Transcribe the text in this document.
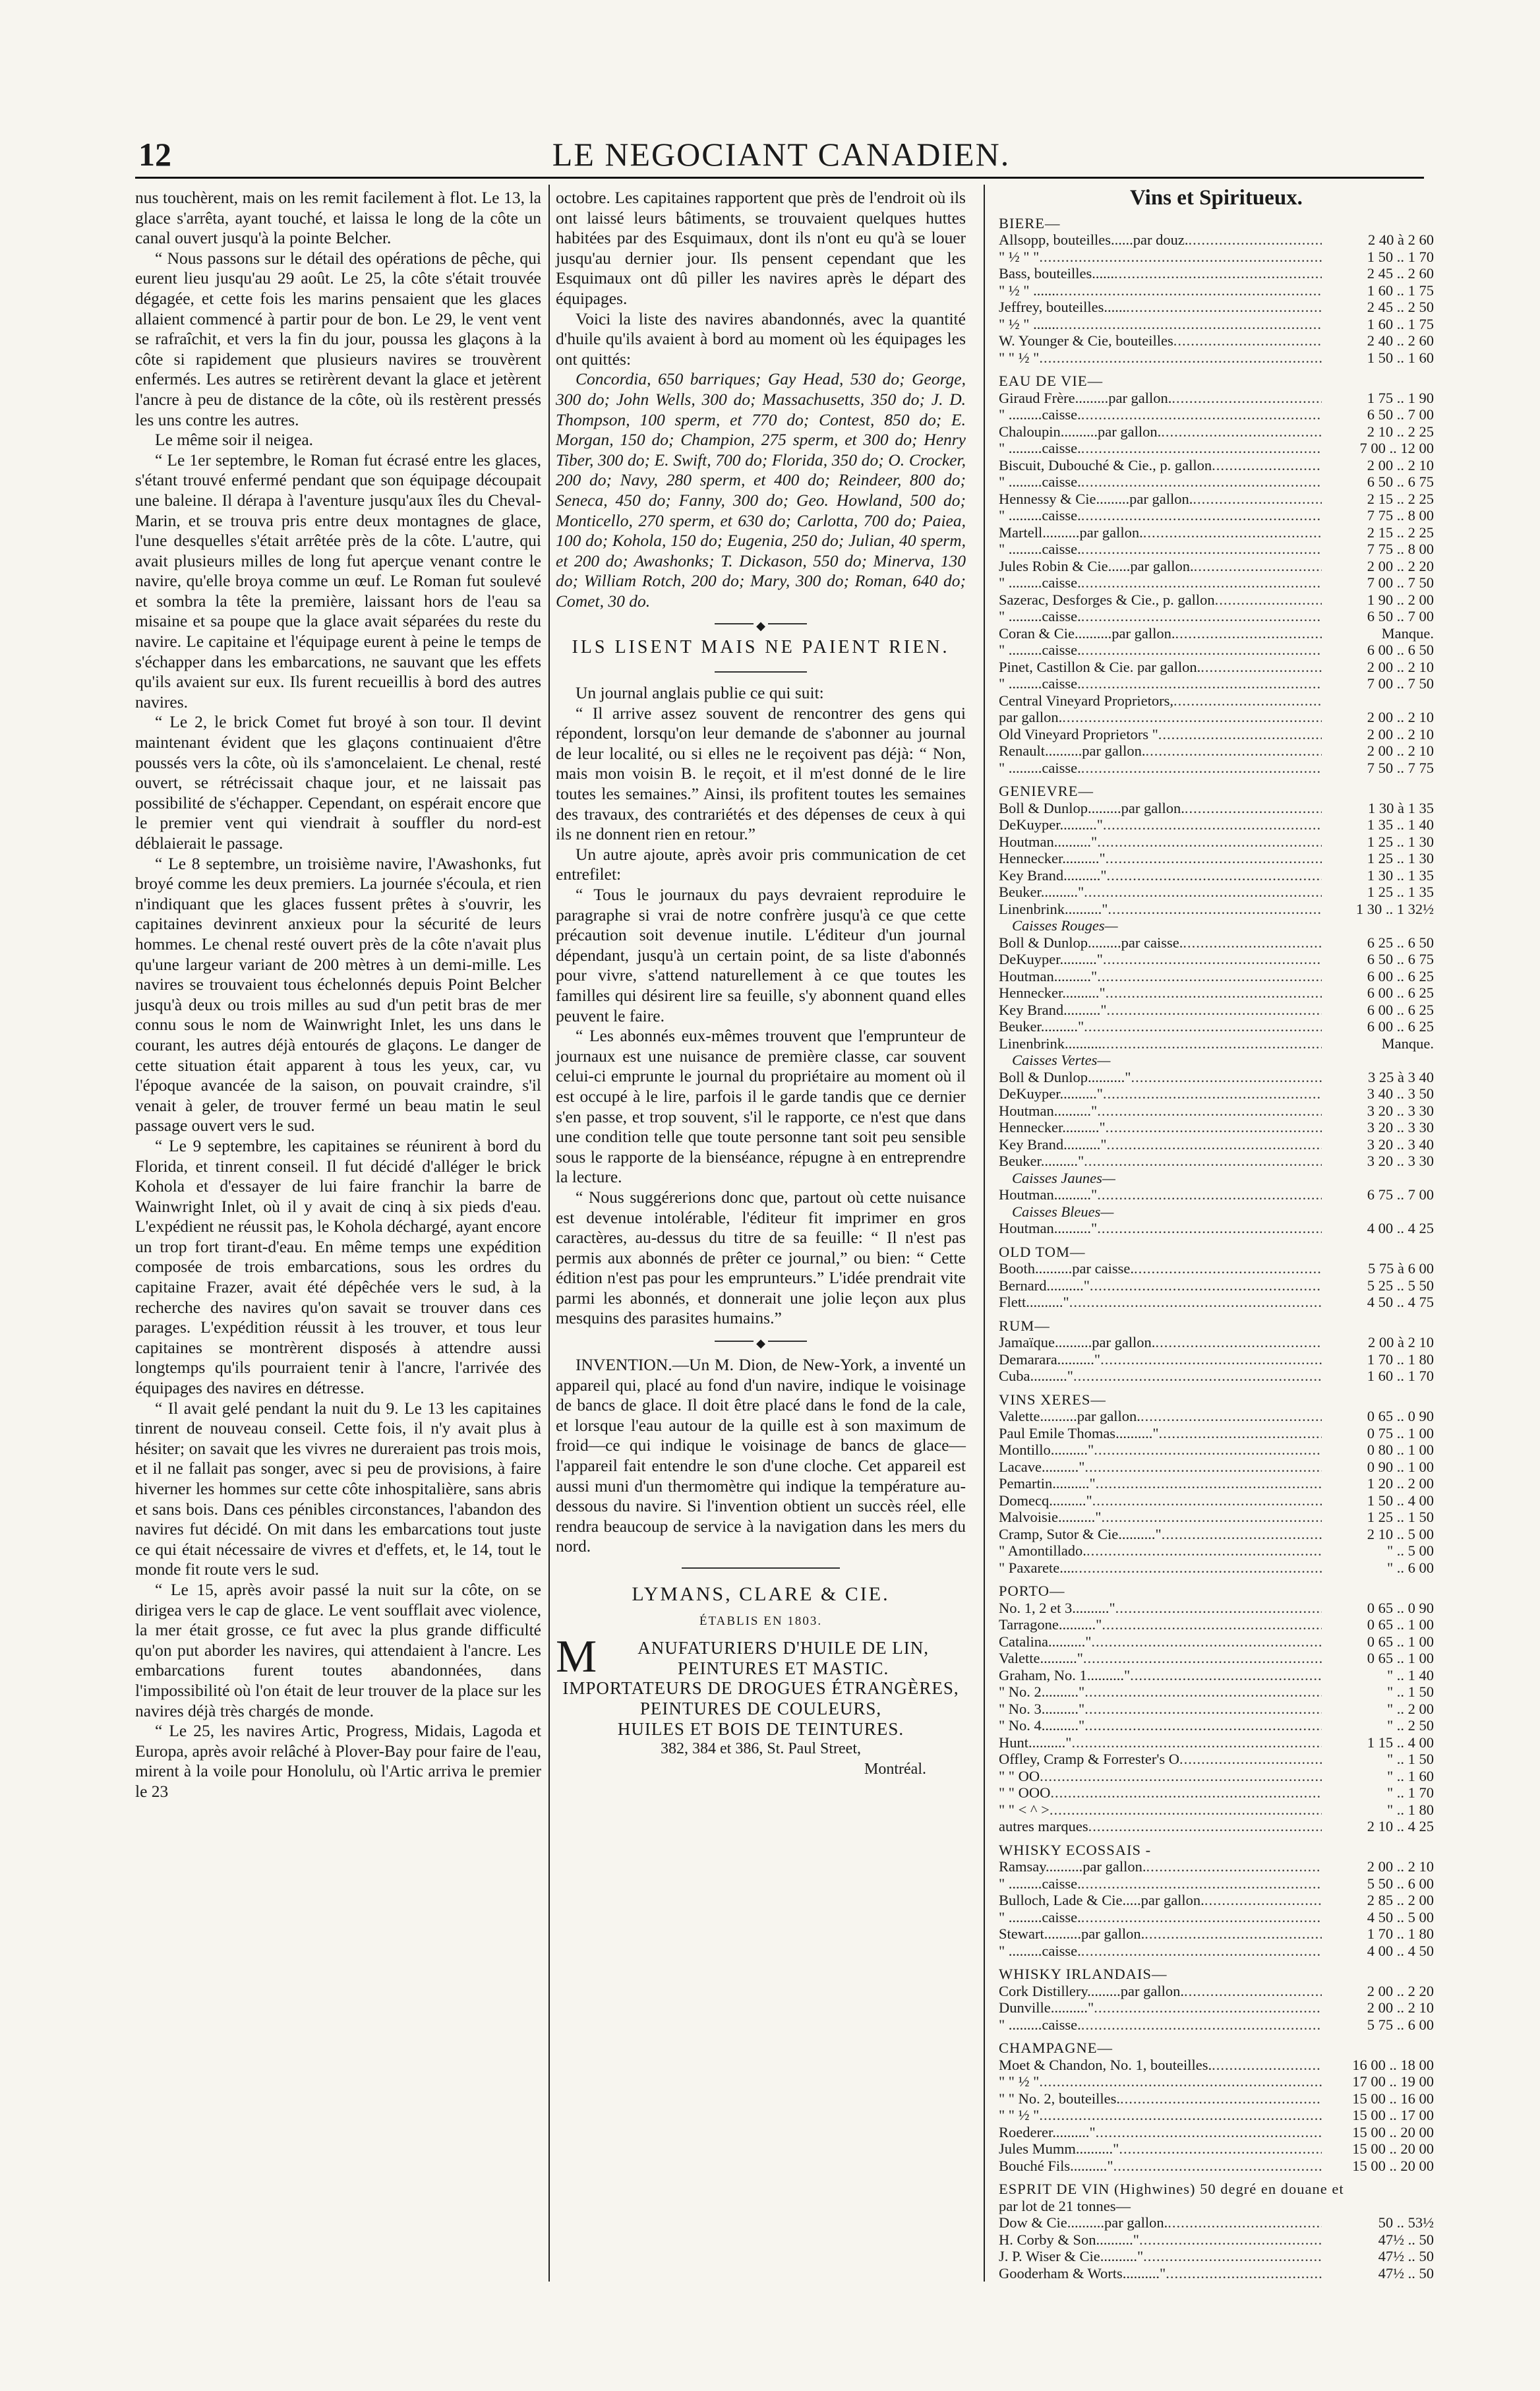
12	LE NEGOCIANT CANADIEN.

nus touchèrent, mais on les remit facilement à flot. Le 13, la glace s'arrêta, ayant touché, et laissa le long de la côte un canal ouvert jusqu'à la pointe Belcher.

“ Nous passons sur le détail des opérations de pêche, qui eurent lieu jusqu'au 29 août. Le 25, la côte s'était trouvée dégagée, et cette fois les marins pensaient que les glaces allaient commencé à partir pour de bon. Le 29, le vent vent se rafraîchit, et vers la fin du jour, poussa les glaçons à la côte si rapidement que plusieurs navires se trouvèrent enfermés. Les autres se retirèrent devant la glace et jetèrent l'ancre à peu de distance de la côte, où ils restèrent pressés les uns contre les autres.

Le même soir il neigea.

“ Le 1er septembre, le Roman fut écrasé entre les glaces, s'étant trouvé enfermé pendant que son équipage découpait une baleine. Il dérapa à l'aventure jusqu'aux îles du Cheval-Marin, et se trouva pris entre deux montagnes de glace, l'une desquelles s'était arrêtée près de la côte. L'autre, qui avait plusieurs milles de long fut aperçue venant contre le navire, qu'elle broya comme un œuf. Le Roman fut soulevé et sombra la tête la première, laissant hors de l'eau sa misaine et sa poupe que la glace avait séparées du reste du navire. Le capitaine et l'équipage eurent à peine le temps de s'échapper dans les embarcations, ne sauvant que les effets qu'ils avaient sur eux. Ils furent recueillis à bord des autres navires.

“ Le 2, le brick Comet fut broyé à son tour. Il devint maintenant évident que les glaçons continuaient d'être poussés vers la côte, où ils s'amoncelaient. Le chenal, resté ouvert, se rétrécissait chaque jour, et ne laissait pas possibilité de s'échapper. Cependant, on espérait encore que le premier vent qui viendrait à souffler du nord-est déblaierait le passage.

“ Le 8 septembre, un troisième navire, l'Awashonks, fut broyé comme les deux premiers. La journée s'écoula, et rien n'indiquant que les glaces fussent prêtes à s'ouvrir, les capitaines devinrent anxieux pour la sécurité de leurs hommes. Le chenal resté ouvert près de la côte n'avait plus qu'une largeur variant de 200 mètres à un demi-mille. Les navires se trouvaient tous échelonnés depuis Point Belcher jusqu'à deux ou trois milles au sud d'un petit bras de mer connu sous le nom de Wainwright Inlet, les uns dans le courant, les autres déjà entourés de glaçons. Le danger de cette situation était apparent à tous les yeux, car, vu l'époque avancée de la saison, on pouvait craindre, s'il venait à geler, de trouver fermé un beau matin le seul passage ouvert vers le sud.

“ Le 9 septembre, les capitaines se réunirent à bord du Florida, et tinrent conseil. Il fut décidé d'alléger le brick Kohola et d'essayer de lui faire franchir la barre de Wainwright Inlet, où il y avait de cinq à six pieds d'eau. L'expédient ne réussit pas, le Kohola déchargé, ayant encore un trop fort tirant-d'eau. En même temps une expédition composée de trois embarcations, sous les ordres du capitaine Frazer, avait été dépêchée vers le sud, à la recherche des navires qu'on savait se trouver dans ces parages. L'expédition réussit à les trouver, et tous leur capitaines se montrèrent disposés à attendre aussi longtemps qu'ils pourraient tenir à l'ancre, l'arrivée des équipages des navires en détresse.

“ Il avait gelé pendant la nuit du 9. Le 13 les capitaines tinrent de nouveau conseil. Cette fois, il n'y avait plus à hésiter; on savait que les vivres ne dureraient pas trois mois, et il ne fallait pas songer, avec si peu de provisions, à faire hiverner les hommes sur cette côte inhospitalière, sans abris et sans bois. Dans ces pénibles circonstances, l'abandon des navires fut décidé. On mit dans les embarcations tout juste ce qui était nécessaire de vivres et d'effets, et, le 14, tout le monde fit route vers le sud.

“ Le 15, après avoir passé la nuit sur la côte, on se dirigea vers le cap de glace. Le vent soufflait avec violence, la mer était grosse, ce fut avec la plus grande difficulté qu'on put aborder les navires, qui attendaient à l'ancre. Les embarcations furent toutes abandonnées, dans l'impossibilité où l'on était de leur trouver de la place sur les navires déjà très chargés de monde.

“ Le 25, les navires Artic, Progress, Midais, Lagoda et Europa, après avoir relâché à Plover-Bay pour faire de l'eau, mirent à la voile pour Honolulu, où l'Artic arriva le premier le 23

octobre. Les capitaines rapportent que près de l'endroit où ils ont laissé leurs bâtiments, se trouvaient quelques huttes habitées par des Esquimaux, dont ils n'ont eu qu'à se louer jusqu'au dernier jour. Ils pensent cependant que les Esquimaux ont dû piller les navires après le départ des équipages.

Voici la liste des navires abandonnés, avec la quantité d'huile qu'ils avaient à bord au moment où les équipages les ont quittés:

Concordia, 650 barriques; Gay Head, 530 do; George, 300 do; John Wells, 300 do; Massachusetts, 350 do; J. D. Thompson, 100 sperm, et 770 do; Contest, 850 do; E. Morgan, 150 do; Champion, 275 sperm, et 300 do; Henry Tiber, 300 do; E. Swift, 700 do; Florida, 350 do; O. Crocker, 200 do; Navy, 280 sperm, et 400 do; Reindeer, 800 do; Seneca, 450 do; Fanny, 300 do; Geo. Howland, 500 do; Monticello, 270 sperm, et 630 do; Carlotta, 700 do; Paiea, 100 do; Kohola, 150 do; Eugenia, 250 do; Julian, 40 sperm, et 200 do; Awashonks; T. Dickason, 550 do; Minerva, 130 do; William Rotch, 200 do; Mary, 300 do; Roman, 640 do; Comet, 30 do.

◆
ILS LISENT MAIS NE PAIENT RIEN.

Un journal anglais publie ce qui suit:

“ Il arrive assez souvent de rencontrer des gens qui répondent, lorsqu'on leur demande de s'abonner au journal de leur localité, ou si elles ne le reçoivent pas déjà: “ Non, mais mon voisin B. le reçoit, et il m'est donné de le lire toutes les semaines.” Ainsi, ils profitent toutes les semaines des travaux, des contrariétés et des dépenses de ceux à qui ils ne donnent rien en retour.”

Un autre ajoute, après avoir pris communication de cet entrefilet:

“ Tous le journaux du pays devraient reproduire le paragraphe si vrai de notre confrère jusqu'à ce que cette précaution soit devenue inutile. L'éditeur d'un journal dépendant, jusqu'à un certain point, de sa liste d'abonnés pour vivre, s'attend naturellement à ce que toutes les familles qui désirent lire sa feuille, s'y abonnent quand elles peuvent le faire.

“ Les abonnés eux-mêmes trouvent que l'emprunteur de journaux est une nuisance de première classe, car souvent celui-ci emprunte le journal du propriétaire au moment où il est occupé à le lire, parfois il le garde tandis que ce dernier s'en passe, et trop souvent, s'il le rapporte, ce n'est que dans une condition telle que toute personne tant soit peu sensible sous le rapporte de la bienséance, répugne à en entreprendre la lecture.

“ Nous suggérerions donc que, partout où cette nuisance est devenue intolérable, l'éditeur fit imprimer en gros caractères, au-dessus du titre de sa feuille: “ Il n'est pas permis aux abonnés de prêter ce journal,” ou bien: “ Cette édition n'est pas pour les emprunteurs.” L'idée prendrait vite parmi les abonnés, et donnerait une jolie leçon aux plus mesquins des parasites humains.”

◆

INVENTION.—Un M. Dion, de New-York, a inventé un appareil qui, placé au fond d'un navire, indique le voisinage de bancs de glace. Il doit être placé dans le fond de la cale, et lorsque l'eau autour de la quille est à son maximum de froid—ce qui indique le voisinage de bancs de glace—l'appareil fait entendre le son d'une cloche. Cet appareil est aussi muni d'un thermomètre qui indique la température au-dessous du navire. Si l'invention obtient un succès réel, elle rendra beaucoup de service à la navigation dans les mers du nord.

LYMANS, CLARE & CIE.
ÉTABLIS EN 1803.
M	ANUFATURIERS D'HUILE DE LIN, PEINTURES ET MASTIC.
IMPORTATEURS DE DROGUES ÉTRANGÈRES,
PEINTURES DE COULEURS,
HUILES ET BOIS DE TEINTURES.
382, 384 et 386, St. Paul Street,
Montréal.
Vins et Spiritueux.
BIERE—
Allsopp, bouteilles......par douz. .....	2 40 à 2 60
" ½ " " .....	1 50 .. 1 70
Bass, bouteilles...... .....	2 45 .. 2 60
" ½ " ...... .....	1 60 .. 1 75
Jeffrey, bouteilles...... .....	2 45 .. 2 50
" ½ " ...... .....	1 60 .. 1 75
W. Younger & Cie, bouteilles .....	2 40 .. 2 60
" " ½ " .....	1 50 .. 1 60
EAU DE VIE—
Giraud Frère.........par gallon. .....	1 75 .. 1 90
" .........caisse. .....	6 50 .. 7 00
Chaloupin..........par gallon. .....	2 10 .. 2 25
" .........caisse. .....	7 00 .. 12 00
Biscuit, Dubouché & Cie., p. gallon .....	2 00 .. 2 10
" .........caisse. .....	6 50 .. 6 75
Hennessy & Cie.........par gallon. .....	2 15 .. 2 25
" .........caisse. .....	7 75 .. 8 00
Martell..........par gallon. .....	2 15 .. 2 25
" .........caisse. .....	7 75 .. 8 00
Jules Robin & Cie......par gallon. .....	2 00 .. 2 20
" .........caisse. .....	7 00 .. 7 50
Sazerac, Desforges & Cie., p. gallon .....	1 90 .. 2 00
" .........caisse. .....	6 50 .. 7 00
Coran & Cie..........par gallon. .....	Manque.
" .........caisse. .....	6 00 .. 6 50
Pinet, Castillon & Cie. par gallon. .....	2 00 .. 2 10
" .........caisse. .....	7 00 .. 7 50
Central Vineyard Proprietors,
.....
par gallon. .....	2 00 .. 2 10
Old Vineyard Proprietors " .....	2 00 .. 2 10
Renault..........par gallon. .....	2 00 .. 2 10
" .........caisse. .....	7 50 .. 7 75
GENIEVRE—
Boll & Dunlop.........par gallon. .....	1 30 à 1 35
DeKuyper.........." .....	1 35 .. 1 40
Houtman.........." .....	1 25 .. 1 30
Hennecker.........." .....	1 25 .. 1 30
Key Brand.........." .....	1 30 .. 1 35
Beuker.........." .....	1 25 .. 1 35
Linenbrink.........." .....	1 30 .. 1 32½
Caisses Rouges—
Boll & Dunlop.........par caisse. .....	6 25 .. 6 50
DeKuyper.........." .....	6 50 .. 6 75
Houtman.........." .....	6 00 .. 6 25
Hennecker.........." .....	6 00 .. 6 25
Key Brand.........." .....	6 00 .. 6 25
Beuker.........." .....	6 00 .. 6 25
Linenbrink.......... .....	Manque.
Caisses Vertes—
Boll & Dunlop.........." .....	3 25 à 3 40
DeKuyper.........." .....	3 40 .. 3 50
Houtman.........." .....	3 20 .. 3 30
Hennecker.........." .....	3 20 .. 3 30
Key Brand.........." .....	3 20 .. 3 40
Beuker.........." .....	3 20 .. 3 30
Caisses Jaunes—
Houtman.........." .....	6 75 .. 7 00
Caisses Bleues—
Houtman.........." .....	4 00 .. 4 25
OLD TOM—
Booth..........par caisse. .....	5 75 à 6 00
Bernard.........." .....	5 25 .. 5 50
Flett.........." .....	4 50 .. 4 75
RUM—
Jamaïque..........par gallon. .....	2 00 à 2 10
Demarara.........." .....	1 70 .. 1 80
Cuba.........." .....	1 60 .. 1 70
VINS XERES—
Valette..........par gallon. .....	0 65 .. 0 90
Paul Emile Thomas.........." .....	0 75 .. 1 00
Montillo.........." .....	0 80 .. 1 00
Lacave.........." .....	0 90 .. 1 00
Pemartin.........." .....	1 20 .. 2 00
Domecq.........." .....	1 50 .. 4 00
Malvoisie.........." .....	1 25 .. 1 50
Cramp, Sutor & Cie.........." .....	2 10 .. 5 00
" Amontillado. .....	" .. 5 00
" Paxarete.... .....	" .. 6 00
PORTO—
No. 1, 2 et 3.........." .....	0 65 .. 0 90
Tarragone.........." .....	0 65 .. 1 00
Catalina.........." .....	0 65 .. 1 00
Valette.........." .....	0 65 .. 1 00
Graham, No. 1.........." .....	" .. 1 40
" No. 2.........." .....	" .. 1 50
" No. 3.........." .....	" .. 2 00
" No. 4.........." .....	" .. 2 50
Hunt.........." .....	1 15 .. 4 00
Offley, Cramp & Forrester's O .....	" .. 1 50
" " OO .....	" .. 1 60
" " OOO .....	" .. 1 70
" " < ^ > .....	" .. 1 80
autres marques .....	2 10 .. 4 25
WHISKY ECOSSAIS -
Ramsay..........par gallon. .....	2 00 .. 2 10
" .........caisse. .....	5 50 .. 6 00
Bulloch, Lade & Cie.....par gallon. .....	2 85 .. 2 00
" .........caisse. .....	4 50 .. 5 00
Stewart..........par gallon. .....	1 70 .. 1 80
" .........caisse. .....	4 00 .. 4 50
WHISKY IRLANDAIS—
Cork Distillery.........par gallon. .....	2 00 .. 2 20
Dunville.........." .....	2 00 .. 2 10
" .........caisse. .....	5 75 .. 6 00
CHAMPAGNE—
Moet & Chandon, No. 1, bouteilles. .....	16 00 .. 18 00
" " ½ " .....	17 00 .. 19 00
" " No. 2, bouteilles. .....	15 00 .. 16 00
" " ½ " .....	15 00 .. 17 00
Roederer.........." .....	15 00 .. 20 00
Jules Mumm.........." .....	15 00 .. 20 00
Bouché Fils.........." .....	15 00 .. 20 00
ESPRIT DE VIN (Highwines) 50 degré en douane et
par lot de 21 tonnes—
Dow & Cie..........par gallon. .....	50 .. 53½
H. Corby & Son.........." .....	47½ .. 50
J. P. Wiser & Cie.........." .....	47½ .. 50
Gooderham & Worts.........." .....	47½ .. 50
